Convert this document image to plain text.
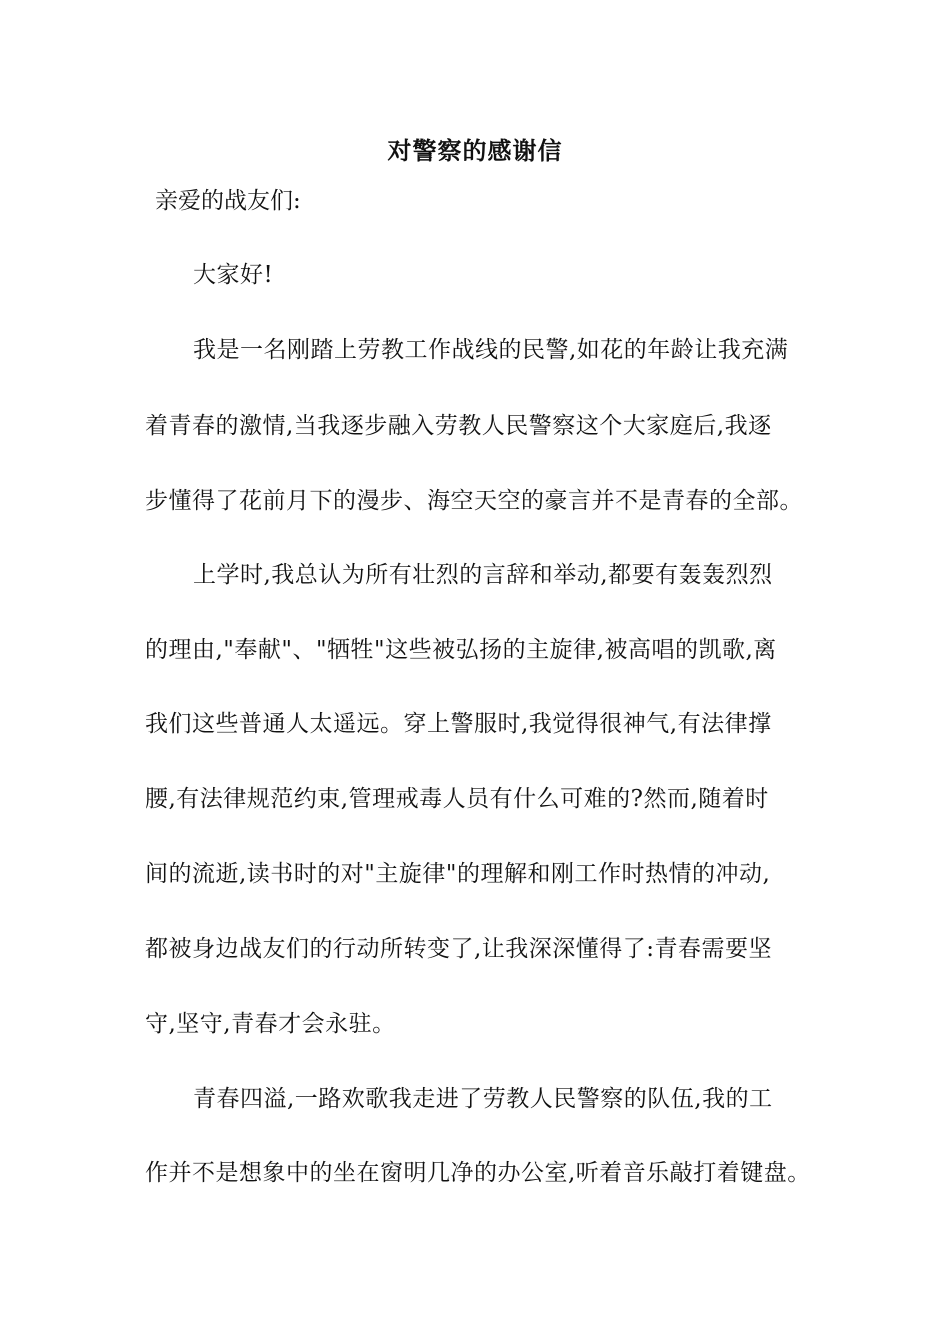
对警察的感谢信
亲爱的战友们:
大家好!
我是一名刚踏上劳教工作战线的民警,如花的年龄让我充满
着青春的激情,当我逐步融入劳教人民警察这个大家庭后,我逐
步懂得了花前月下的漫步、海空天空的豪言并不是青春的全部。
上学时,我总认为所有壮烈的言辞和举动,都要有轰轰烈烈
的理由,"奉献"、"牺牲"这些被弘扬的主旋律,被高唱的凯歌,离
我们这些普通人太遥远。穿上警服时,我觉得很神气,有法律撑
腰,有法律规范约束,管理戒毒人员有什么可难的?然而,随着时
间的流逝,读书时的对"主旋律"的理解和刚工作时热情的冲动,
都被身边战友们的行动所转变了,让我深深懂得了:青春需要坚
守,坚守,青春才会永驻。
青春四溢,一路欢歌我走进了劳教人民警察的队伍,我的工
作并不是想象中的坐在窗明几净的办公室,听着音乐敲打着键盘。
